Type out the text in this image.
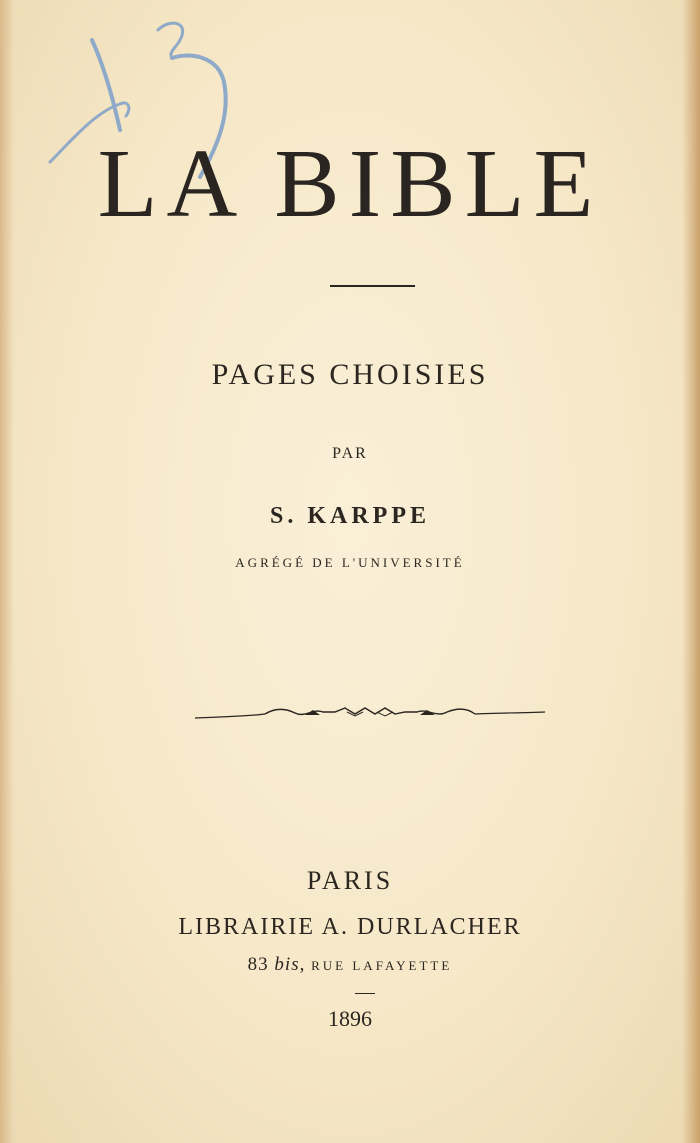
LA BIBLE
PAGES CHOISIES
PAR
S. KARPPE
AGRÉGÉ DE L'UNIVERSITÉ
PARIS
LIBRAIRIE A. DURLACHER
83 bis, RUE LAFAYETTE
1896
